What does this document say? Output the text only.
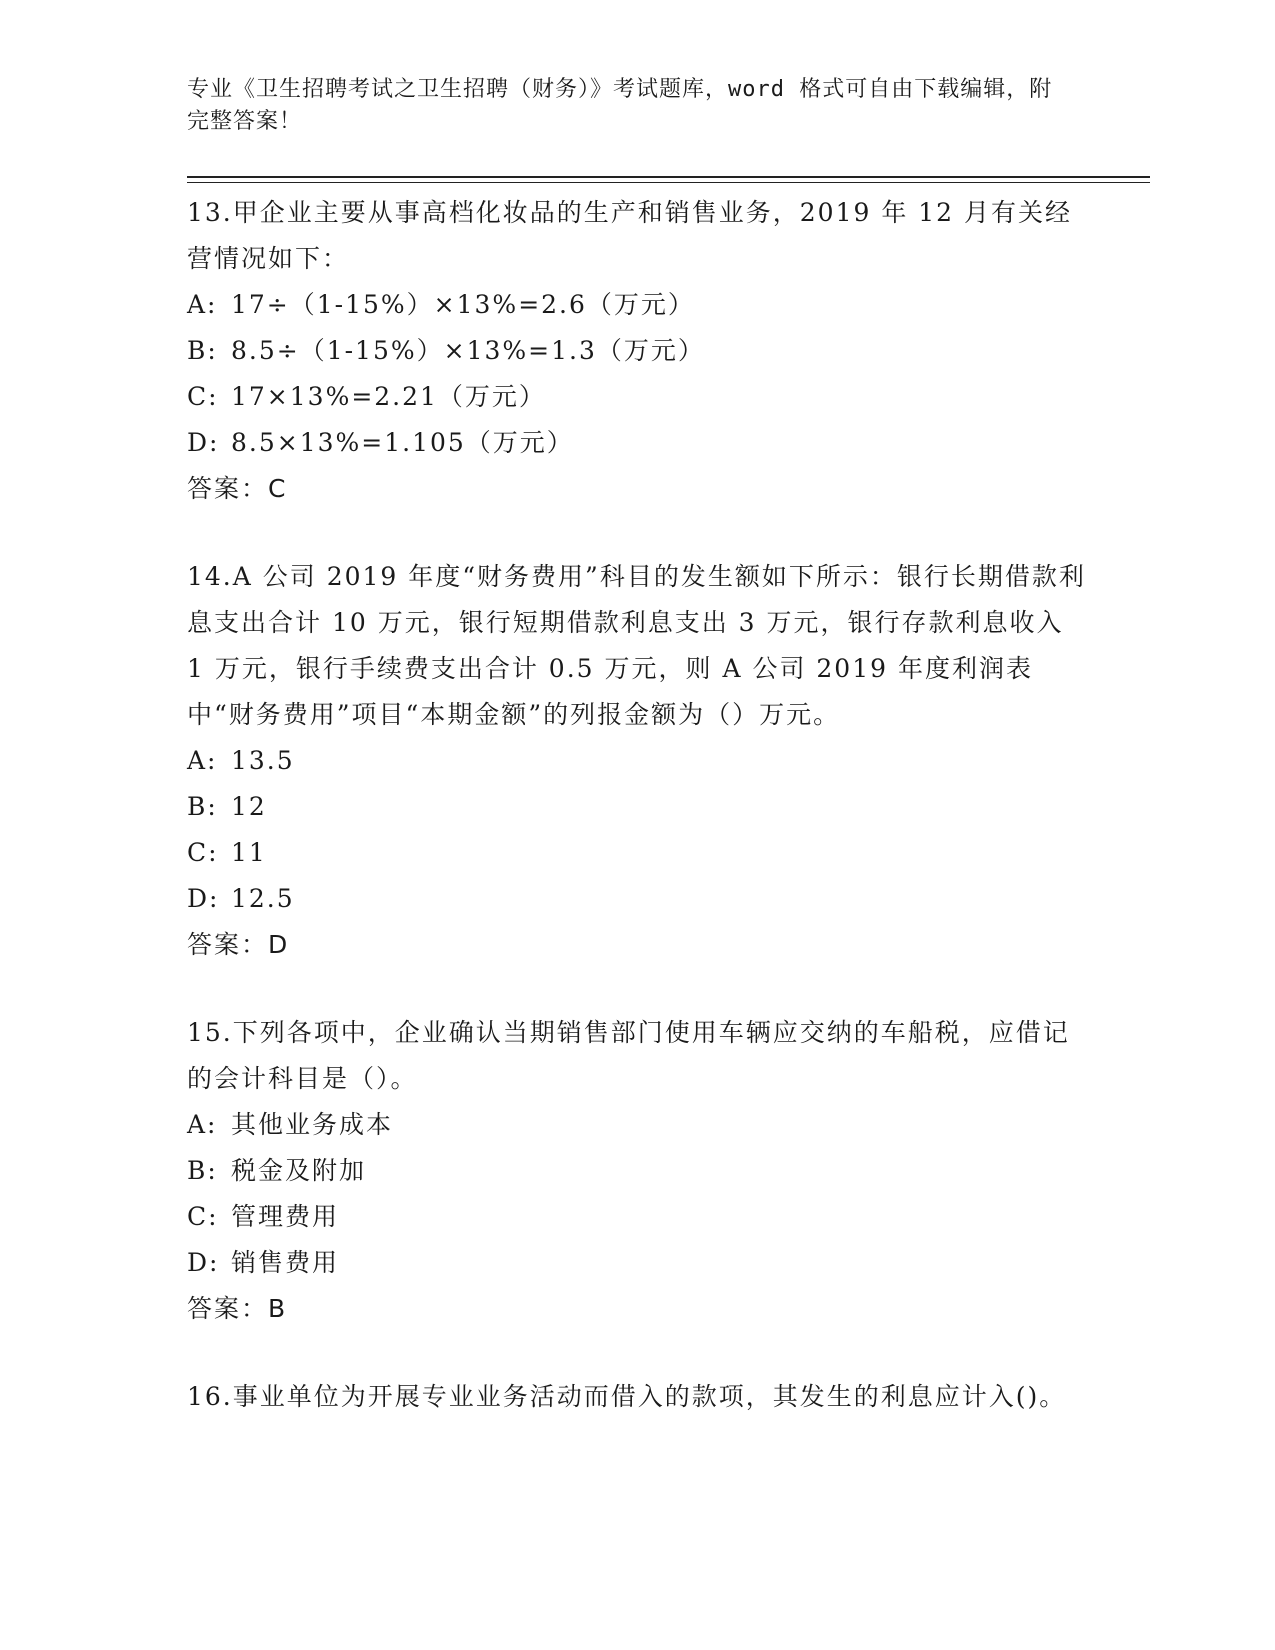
专业《卫生招聘考试之卫生招聘（财务）》考试题库，word 格式可自由下载编辑，附完整答案！

13.甲企业主要从事高档化妆品的生产和销售业务，2019 年 12 月有关经营情况如下：

A: 17÷（1-15%）×13%=2.6（万元）

B: 8.5÷（1-15%）×13%=1.3（万元）

C: 17×13%=2.21（万元）

D: 8.5×13%=1.105（万元）

答案：C

14.A 公司 2019 年度“财务费用”科目的发生额如下所示：银行长期借款利息支出合计 10 万元，银行短期借款利息支出 3 万元，银行存款利息收入 1 万元，银行手续费支出合计 0.5 万元，则 A 公司 2019 年度利润表中“财务费用”项目“本期金额”的列报金额为（）万元。

A: 13.5

B: 12

C: 11

D: 12.5

答案：D

15.下列各项中，企业确认当期销售部门使用车辆应交纳的车船税，应借记的会计科目是（）。

A: 其他业务成本

B: 税金及附加

C: 管理费用

D: 销售费用

答案：B

16.事业单位为开展专业业务活动而借入的款项，其发生的利息应计入()。
